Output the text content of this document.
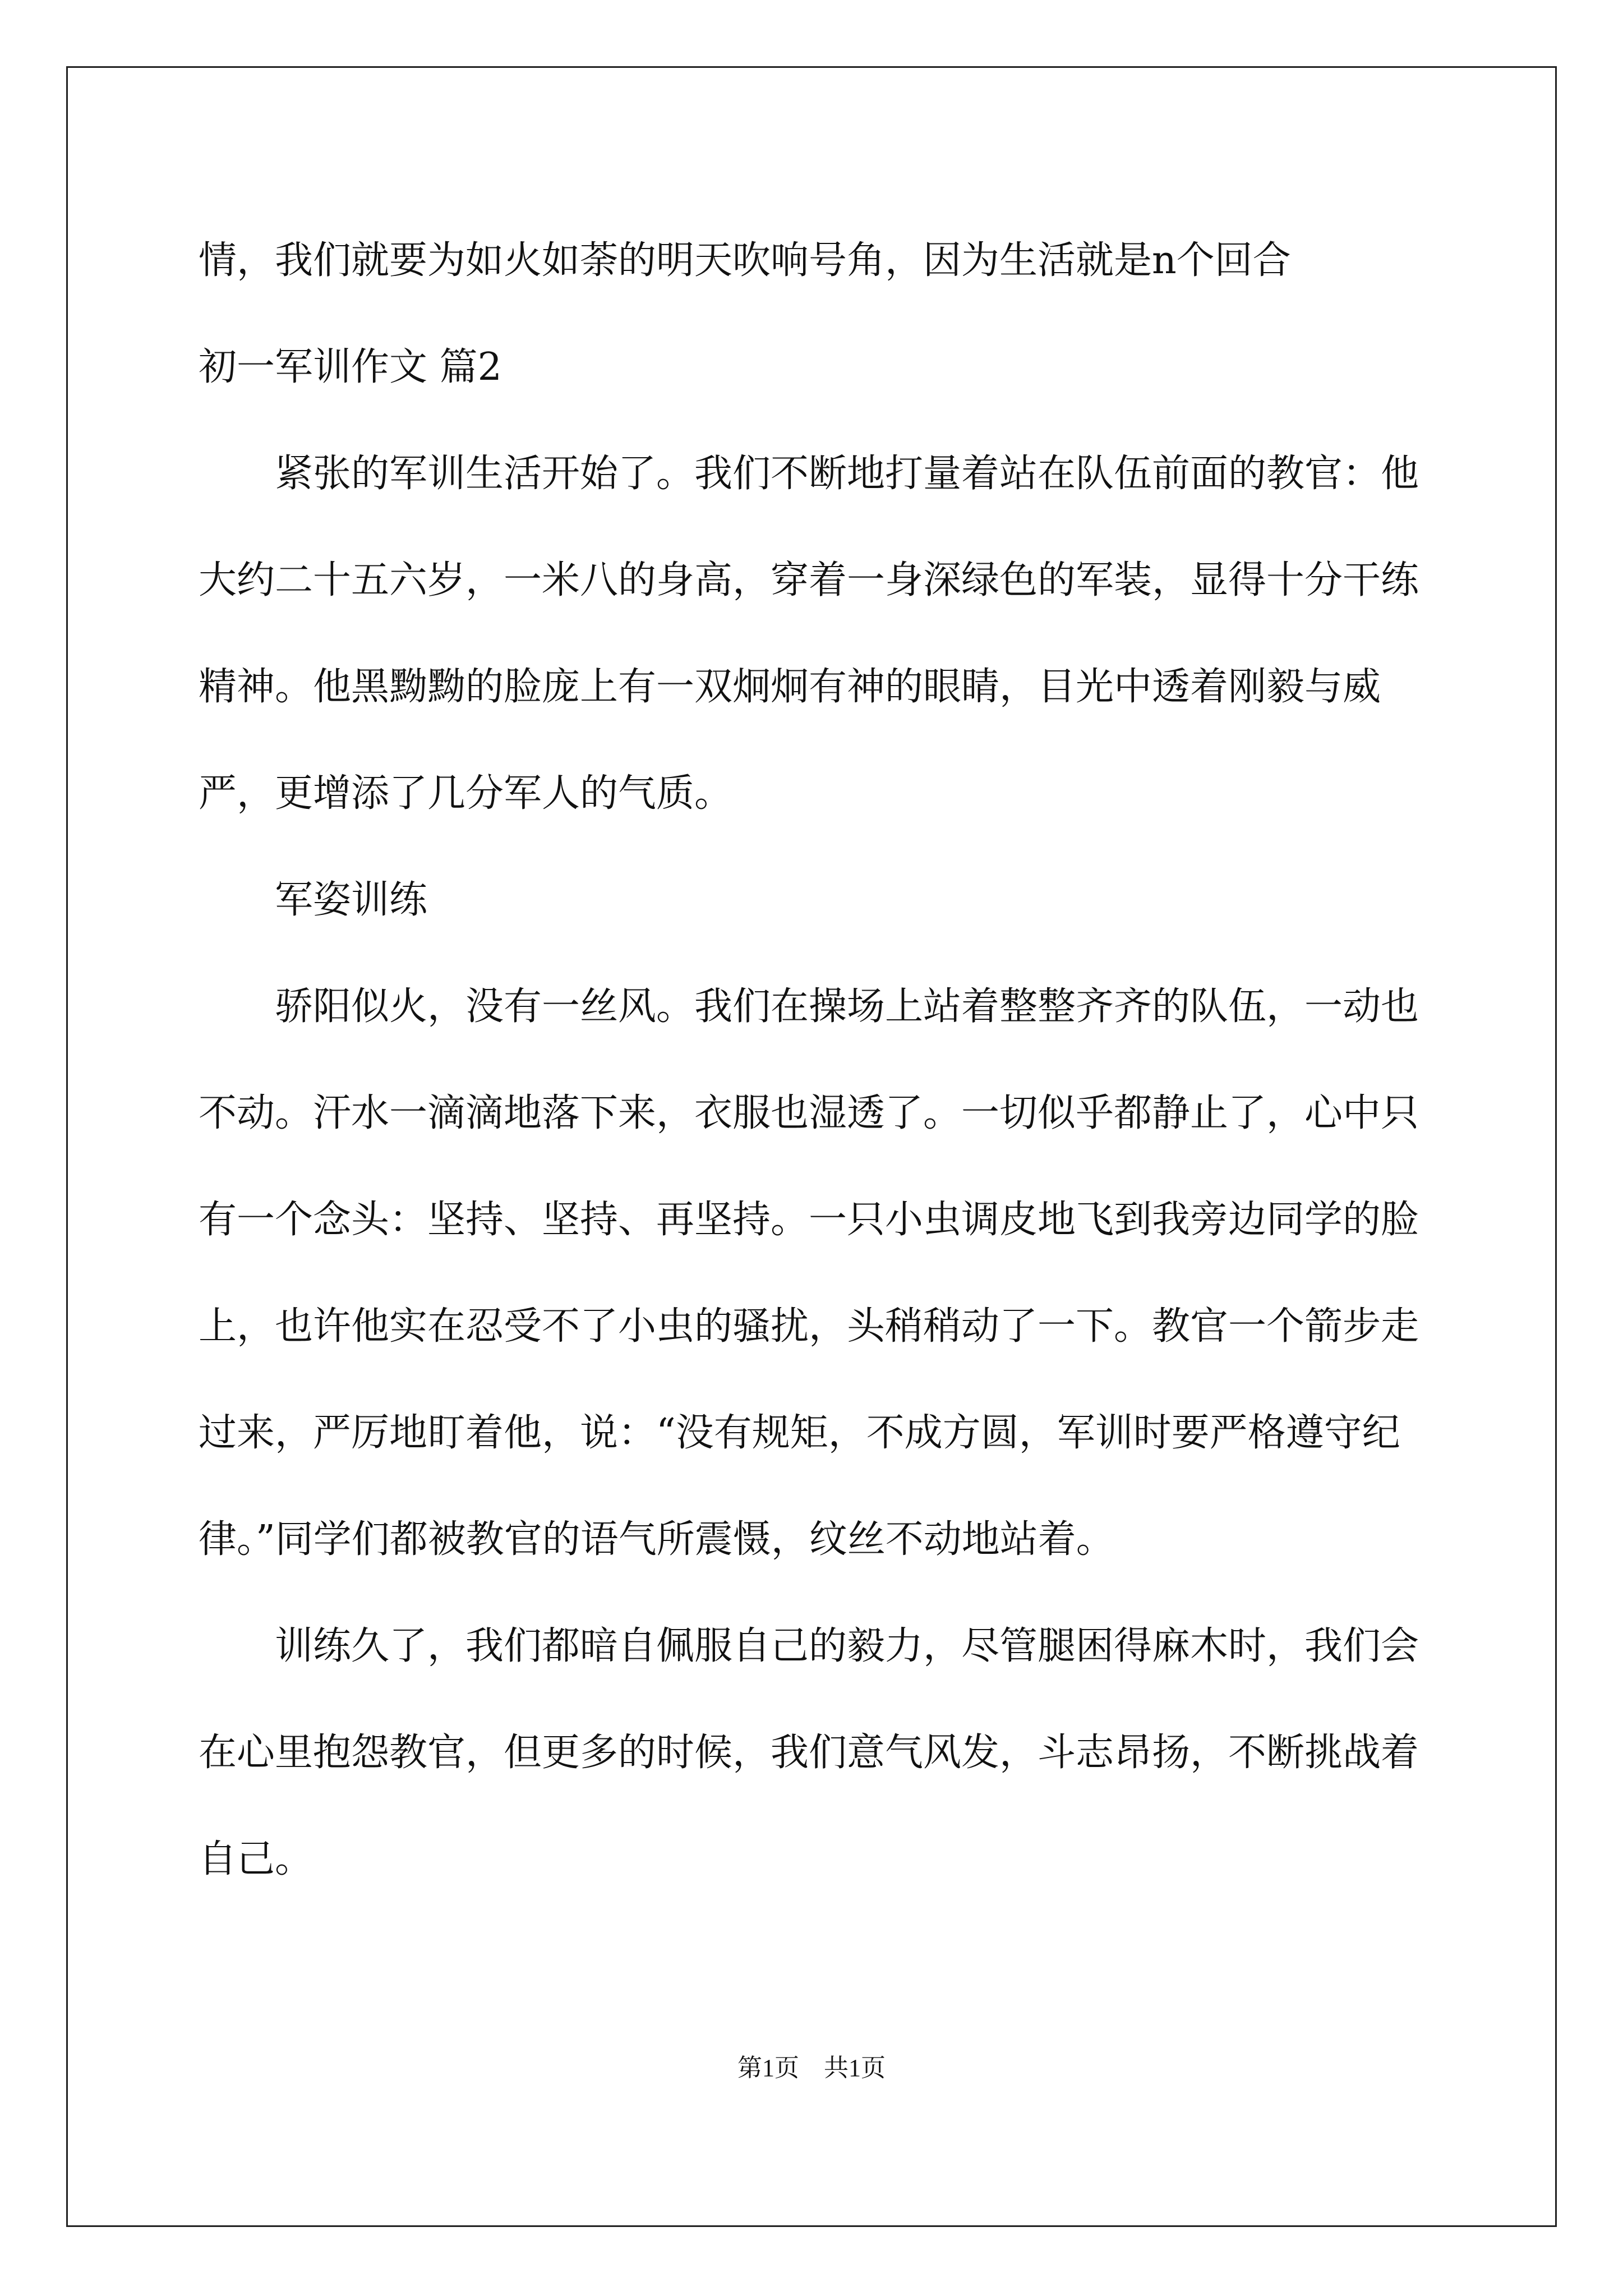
情，我们就要为如火如荼的明天吹响号角，因为生活就是n个回合

初一军训作文 篇2

紧张的军训生活开始了。我们不断地打量着站在队伍前面的教官：他大约二十五六岁，一米八的身高，穿着一身深绿色的军装，显得十分干练精神。他黑黝黝的脸庞上有一双炯炯有神的眼睛，目光中透着刚毅与威严，更增添了几分军人的气质。

军姿训练

骄阳似火，没有一丝风。我们在操场上站着整整齐齐的队伍，一动也不动。汗水一滴滴地落下来，衣服也湿透了。一切似乎都静止了，心中只有一个念头：坚持、坚持、再坚持。一只小虫调皮地飞到我旁边同学的脸上，也许他实在忍受不了小虫的骚扰，头稍稍动了一下。教官一个箭步走过来，严厉地盯着他，说：“没有规矩，不成方圆，军训时要严格遵守纪律。”同学们都被教官的语气所震慑，纹丝不动地站着。

训练久了，我们都暗自佩服自己的毅力，尽管腿困得麻木时，我们会在心里抱怨教官，但更多的时候，我们意气风发，斗志昂扬，不断挑战着自己。

第1页　共1页
